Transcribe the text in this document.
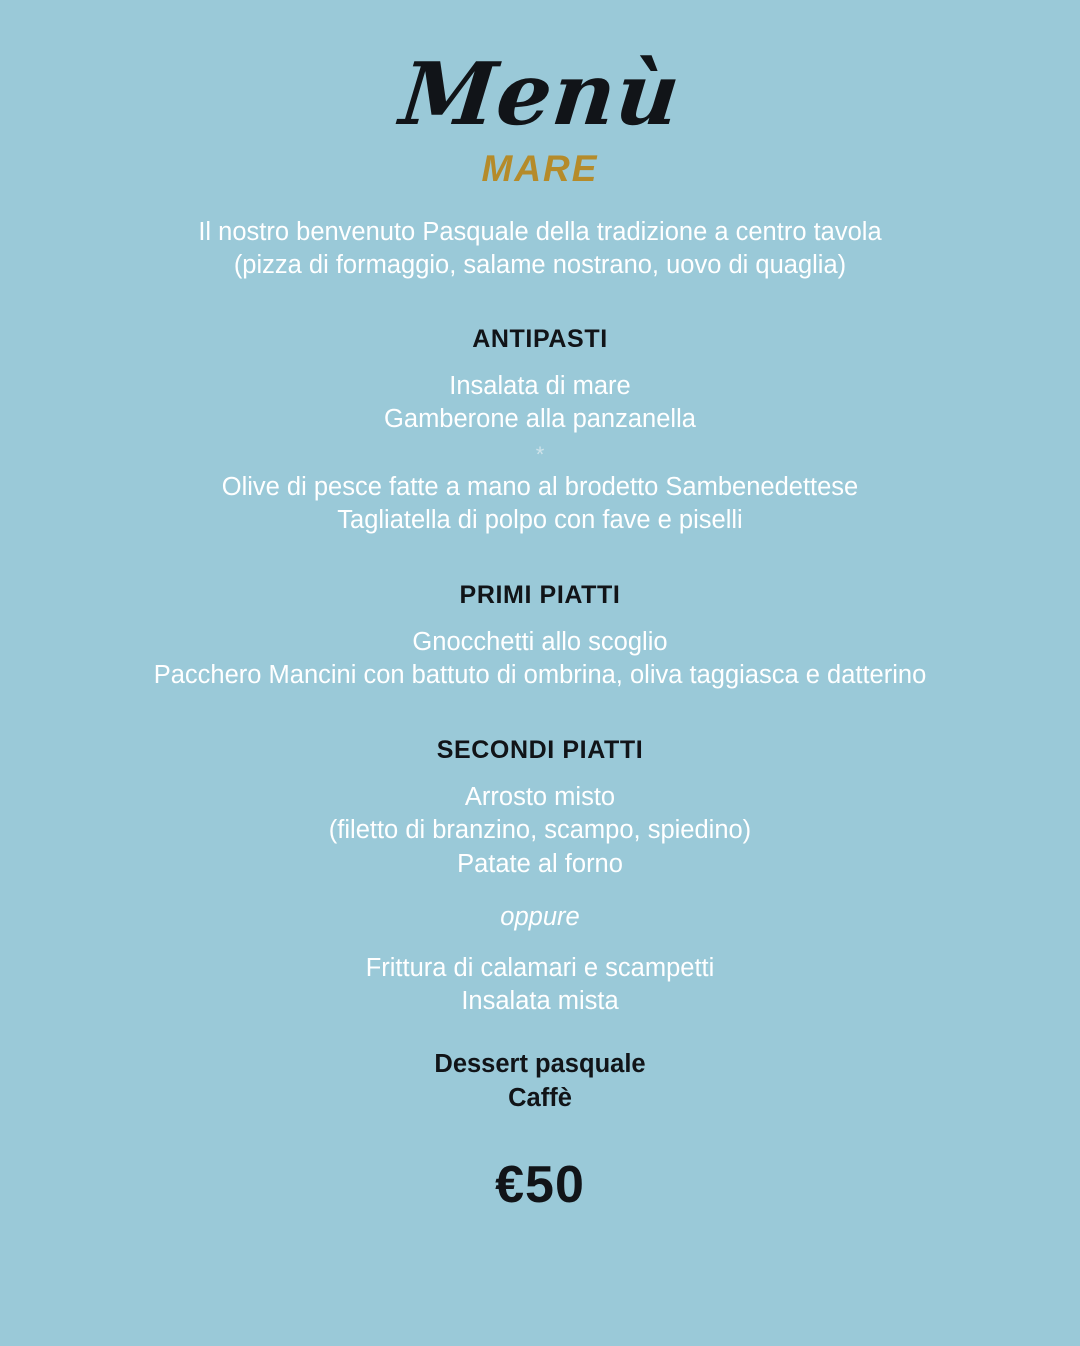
Menù
MARE
Il nostro benvenuto Pasquale della tradizione a centro tavola
(pizza di formaggio, salame nostrano, uovo di quaglia)
ANTIPASTI
Insalata di mare
Gamberone alla panzanella
*
Olive di pesce fatte a mano al brodetto Sambenedettese
Tagliatella di polpo con fave e piselli
PRIMI PIATTI
Gnocchetti allo scoglio
Pacchero Mancini con battuto di ombrina, oliva taggiasca e datterino
SECONDI PIATTI
Arrosto misto
(filetto di branzino, scampo, spiedino)
Patate al forno
oppure
Frittura di calamari e scampetti
Insalata mista
Dessert pasquale
Caffè
€50
